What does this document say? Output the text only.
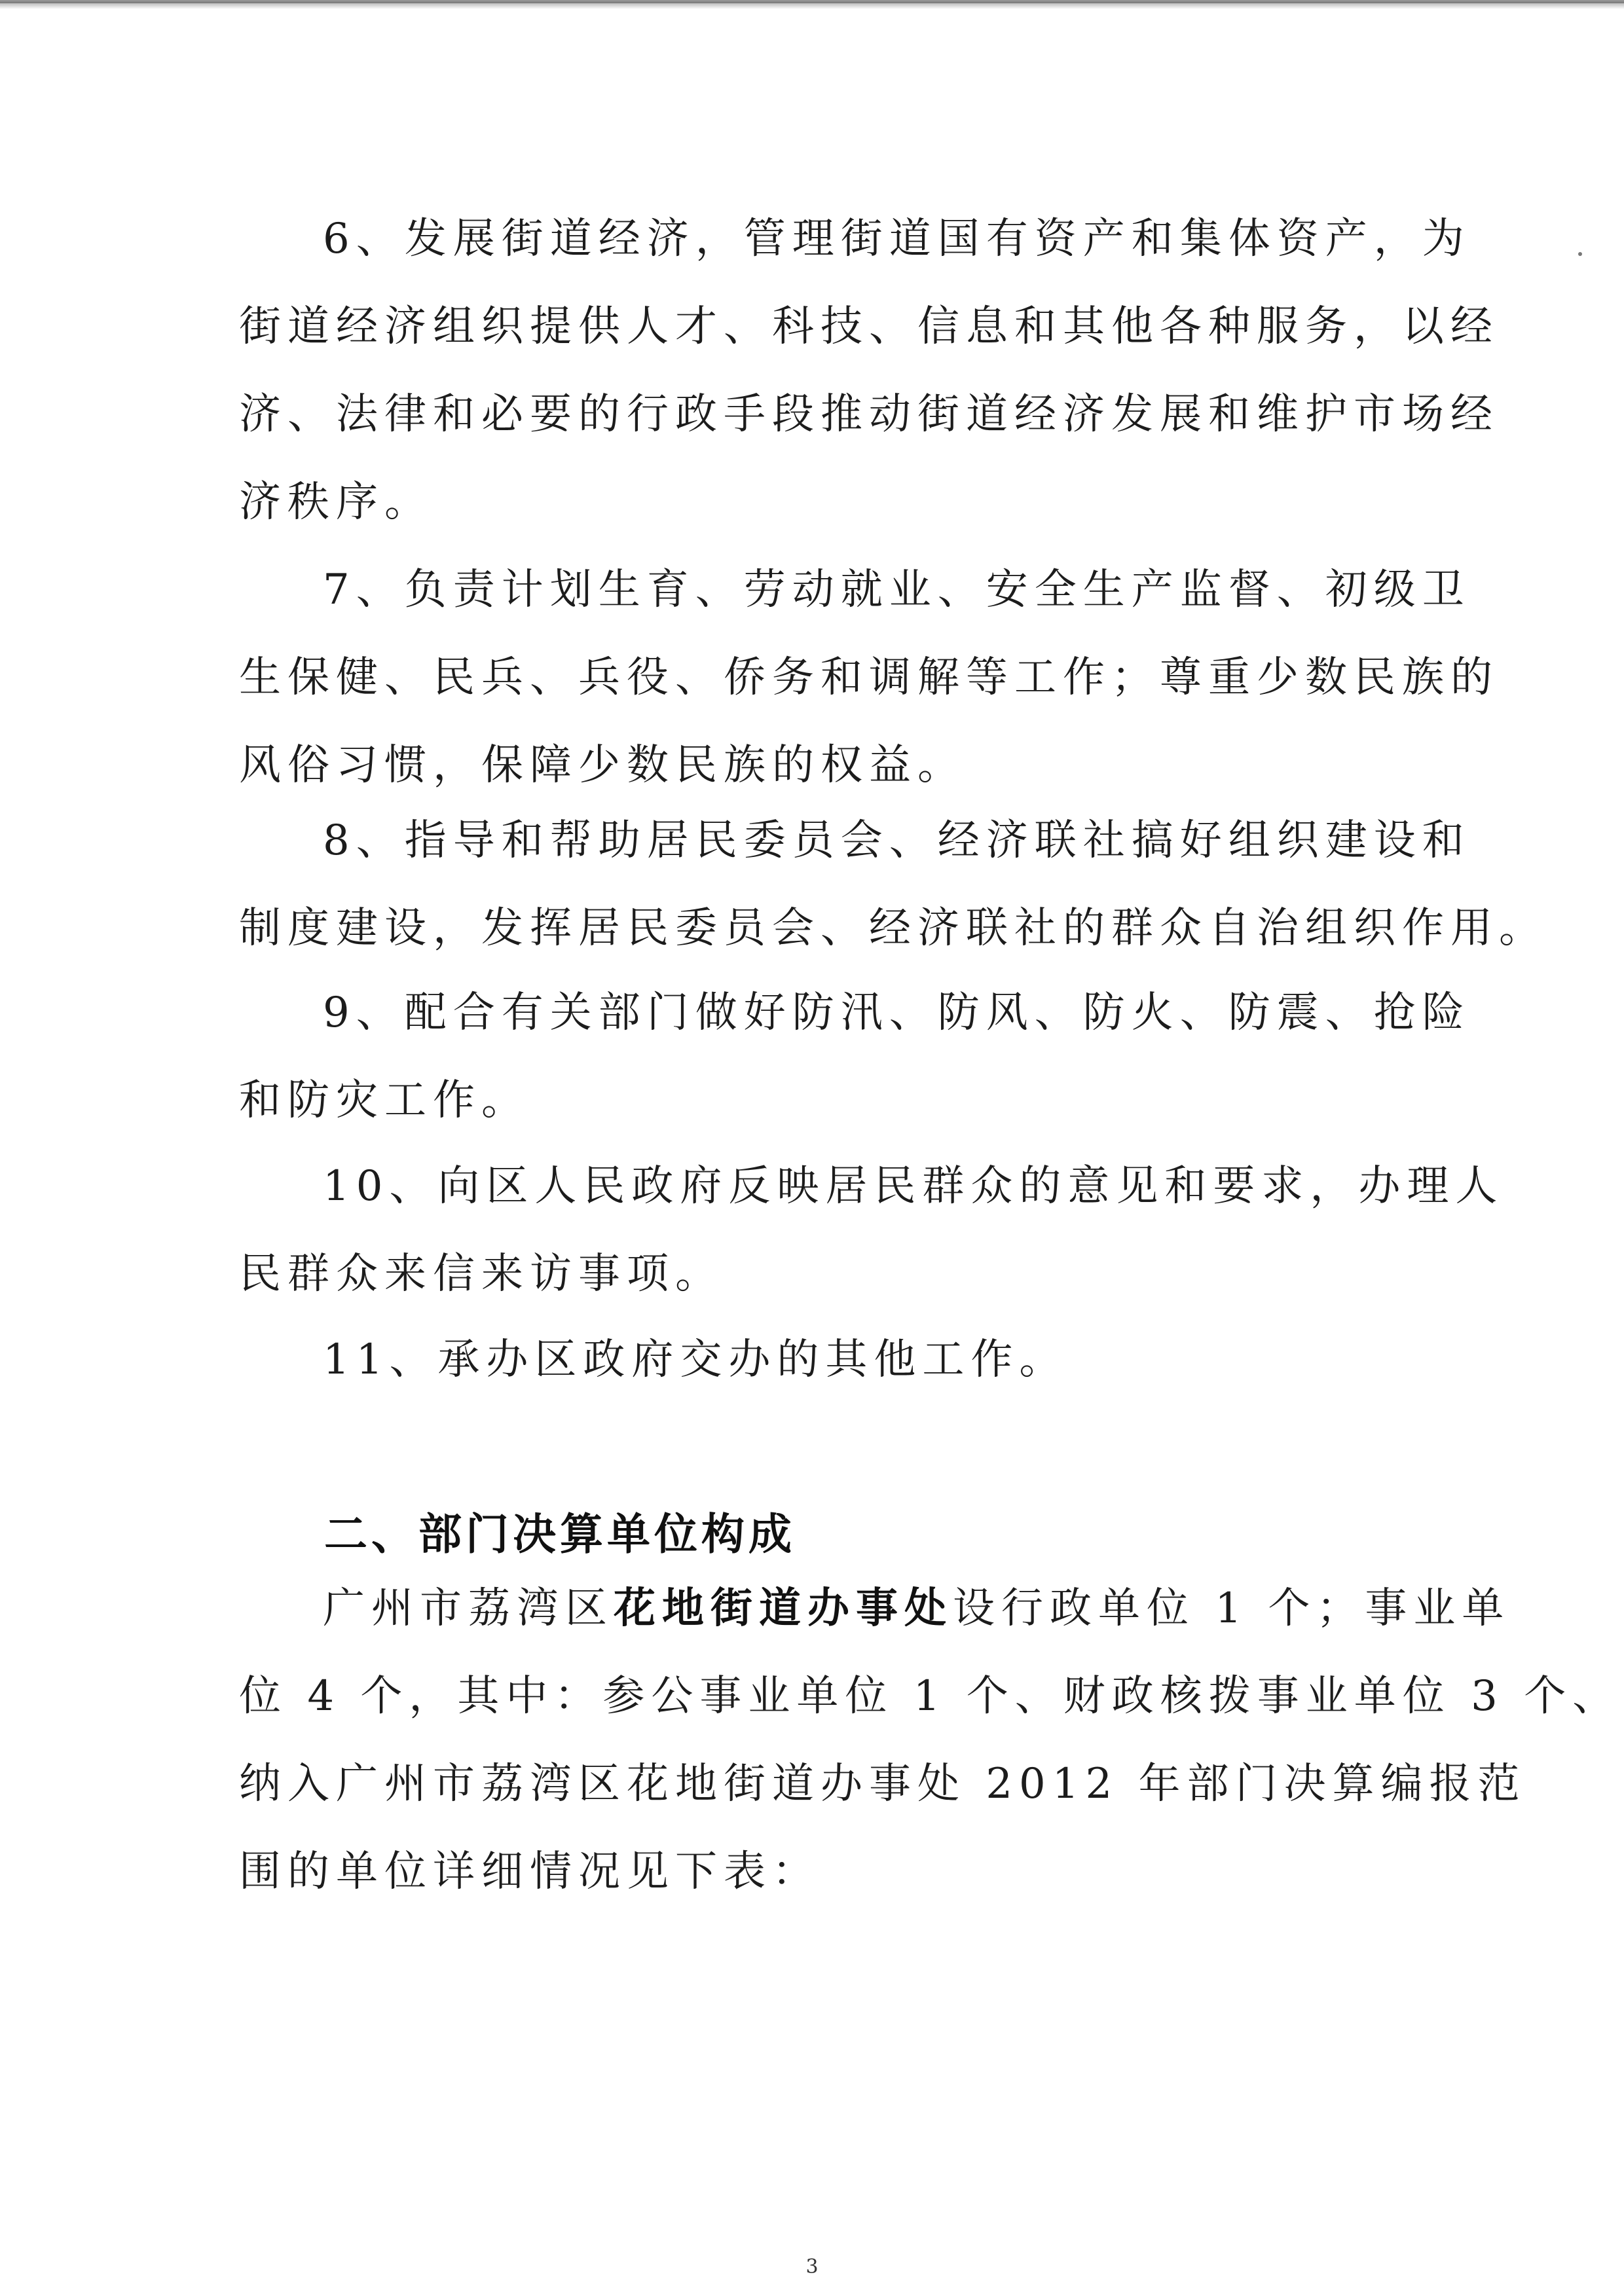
6、发展街道经济，管理街道国有资产和集体资产，为
街道经济组织提供人才、科技、信息和其他各种服务，以经
济、法律和必要的行政手段推动街道经济发展和维护市场经
济秩序。

7、负责计划生育、劳动就业、安全生产监督、初级卫
生保健、民兵、兵役、侨务和调解等工作；尊重少数民族的
风俗习惯，保障少数民族的权益。

8、指导和帮助居民委员会、经济联社搞好组织建设和
制度建设，发挥居民委员会、经济联社的群众自治组织作用。

9、配合有关部门做好防汛、防风、防火、防震、抢险
和防灾工作。

10、向区人民政府反映居民群众的意见和要求，办理人
民群众来信来访事项。

11、承办区政府交办的其他工作。

二、部门决算单位构成

广州市荔湾区花地街道办事处设行政单位 1 个；事业单
位 4 个，其中：参公事业单位 1 个、财政核拨事业单位 3 个、
纳入广州市荔湾区花地街道办事处 2012 年部门决算编报范
围的单位详细情况见下表：

3
